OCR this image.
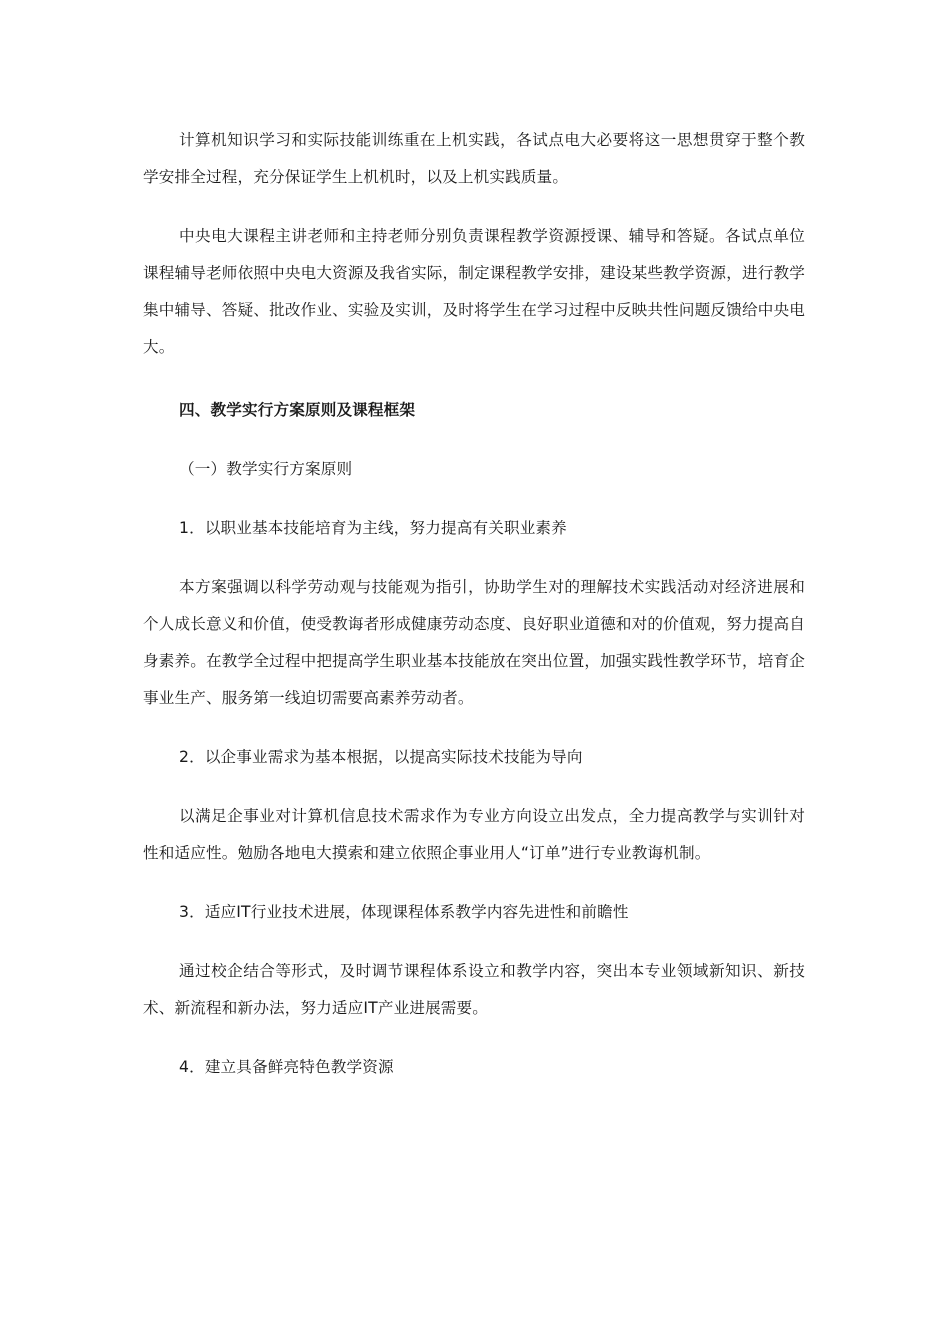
计算机知识学习和实际技能训练重在上机实践，各试点电大必要将这一思想贯穿于整个教学安排全过程，充分保证学生上机机时，以及上机实践质量。

中央电大课程主讲老师和主持老师分别负责课程教学资源授课、辅导和答疑。各试点单位课程辅导老师依照中央电大资源及我省实际，制定课程教学安排，建设某些教学资源，进行教学集中辅导、答疑、批改作业、实验及实训，及时将学生在学习过程中反映共性问题反馈给中央电大。

四、教学实行方案原则及课程框架

（一）教学实行方案原则

1．以职业基本技能培育为主线，努力提高有关职业素养

本方案强调以科学劳动观与技能观为指引，协助学生对的理解技术实践活动对经济进展和个人成长意义和价值，使受教诲者形成健康劳动态度、良好职业道德和对的价值观，努力提高自身素养。在教学全过程中把提高学生职业基本技能放在突出位置，加强实践性教学环节，培育企事业生产、服务第一线迫切需要高素养劳动者。

2．以企事业需求为基本根据，以提高实际技术技能为导向

以满足企事业对计算机信息技术需求作为专业方向设立出发点，全力提高教学与实训针对性和适应性。勉励各地电大摸索和建立依照企事业用人“订单”进行专业教诲机制。

3．适应IT行业技术进展，体现课程体系教学内容先进性和前瞻性

通过校企结合等形式，及时调节课程体系设立和教学内容，突出本专业领域新知识、新技术、新流程和新办法，努力适应IT产业进展需要。

4．建立具备鲜亮特色教学资源
